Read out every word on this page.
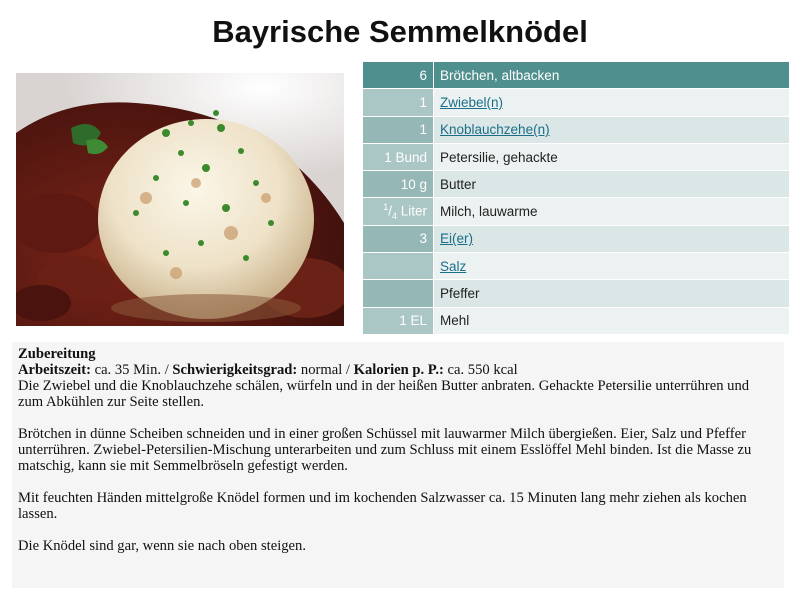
Bayrische Semmelknödel
6	Brötchen, altbacken
1	Zwiebel(n)
1	Knoblauchzehe(n)
1 Bund	Petersilie, gehackte
10 g	Butter
$^1/_4$ Liter	Milch, lauwarme
3	Ei(er)
	Salz
	Pfeffer
1 EL	Mehl

Zubereitung

Arbeitszeit: ca. 35 Min. / Schwierigkeitsgrad: normal / Kalorien p. P.: ca. 550 kcal

Die Zwiebel und die Knoblauchzehe schälen, würfeln und in der heißen Butter anbraten. Gehackte Petersilie unterrühren und zum Abkühlen zur Seite stellen.

Brötchen in dünne Scheiben schneiden und in einer großen Schüssel mit lauwarmer Milch übergießen. Eier, Salz und Pfeffer unterrühren. Zwiebel-Petersilien-Mischung unterarbeiten und zum Schluss mit einem Esslöffel Mehl binden. Ist die Masse zu matschig, kann sie mit Semmelbröseln gefestigt werden.

Mit feuchten Händen mittelgroße Knödel formen und im kochenden Salzwasser ca. 15 Minuten lang mehr ziehen als kochen lassen.

Die Knödel sind gar, wenn sie nach oben steigen.
